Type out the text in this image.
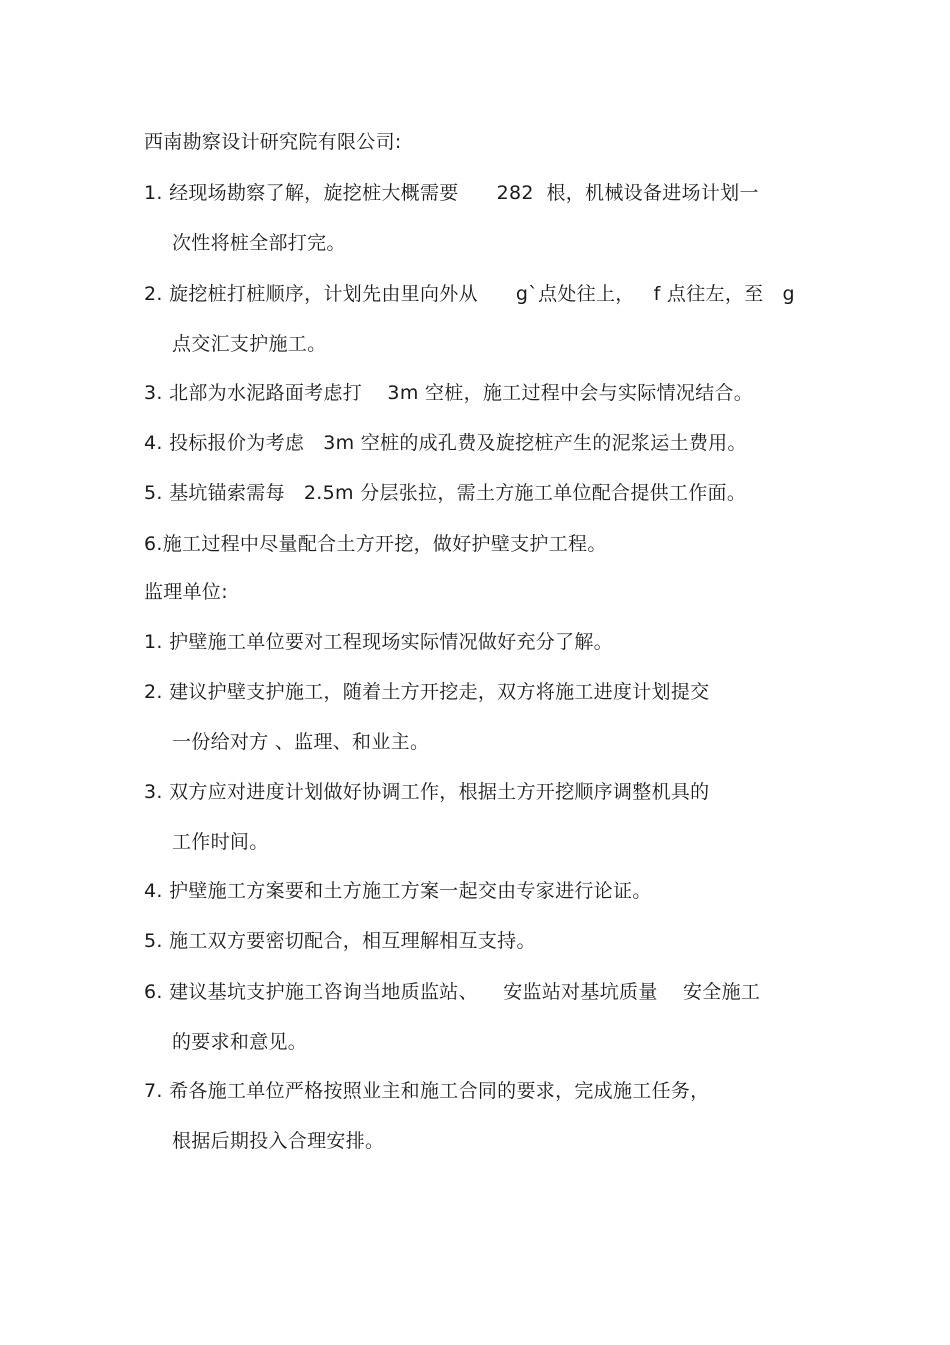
西南勘察设计研究院有限公司:
1. 经现场勘察了解，旋挖桩大概需要      282  根，机械设备进场计划一
次性将桩全部打完。
2. 旋挖桩打桩顺序，计划先由里向外从      g`点处往上，   f 点往左，至   g
点交汇支护施工。
3. 北部为水泥路面考虑打    3m 空桩，施工过程中会与实际情况结合。
4. 投标报价为考虑   3m 空桩的成孔费及旋挖桩产生的泥浆运土费用。
5. 基坑锚索需每   2.5m 分层张拉，需土方施工单位配合提供工作面。
6.施工过程中尽量配合土方开挖，做好护壁支护工程。
监理单位:
1. 护壁施工单位要对工程现场实际情况做好充分了解。
2. 建议护壁支护施工，随着土方开挖走，双方将施工进度计划提交
一份给对方 、监理、和业主。
3. 双方应对进度计划做好协调工作，根据土方开挖顺序调整机具的
工作时间。
4. 护壁施工方案要和土方施工方案一起交由专家进行论证。
5. 施工双方要密切配合，相互理解相互支持。
6. 建议基坑支护施工咨询当地质监站、    安监站对基坑质量    安全施工
的要求和意见。
7. 希各施工单位严格按照业主和施工合同的要求，完成施工任务，
根据后期投入合理安排。
